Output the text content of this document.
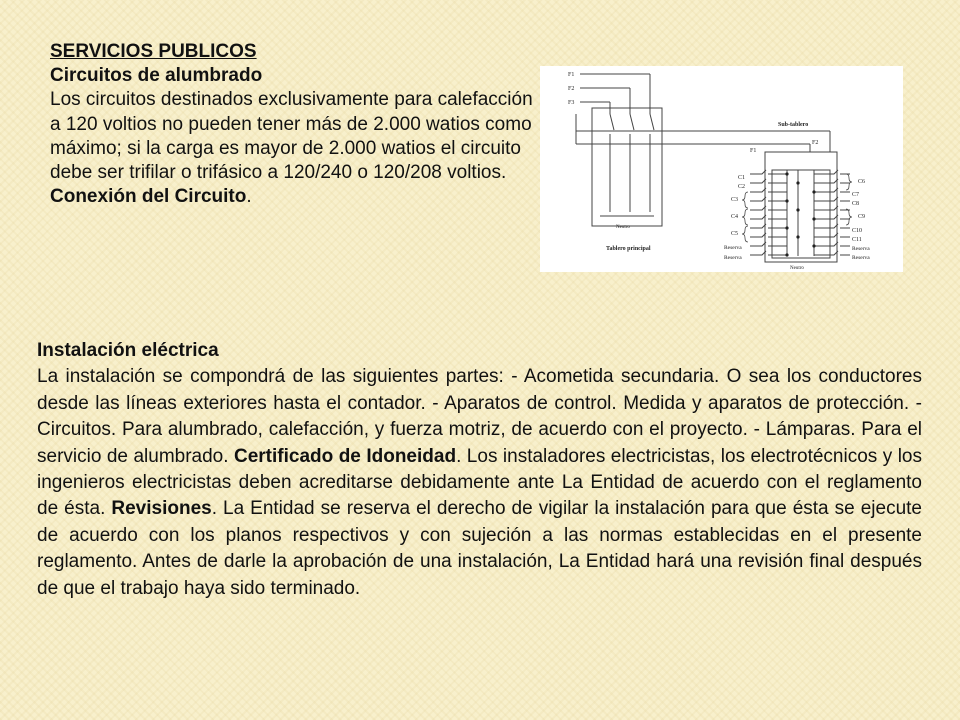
SERVICIOS PUBLICOS
Circuitos de alumbrado
Los circuitos destinados exclusivamente para calefacción a 120 voltios no pueden tener más de 2.000 watios como máximo; si la carga es mayor de 2.000 watios el circuito debe ser trifilar o trifásico a 120/240 o 120/208 voltios. Conexión del Circuito.
F1
F2
F3
Sub-tablero
F1
F2
Neutro
Tablero principal
Neutro
C1
C2
C3
C4
C5
Reserva
Reserva
C6
C7
C8
C9
C10
C11
Reserva
Reserva
Instalación eléctrica
La instalación se compondrá de las siguientes partes: - Acometida secundaria. O sea los conductores desde las líneas exteriores hasta el contador. - Aparatos de control. Medida y aparatos de protección. - Circuitos. Para alumbrado, calefacción, y fuerza motriz, de acuerdo con el proyecto. - Lámparas. Para el servicio de alumbrado. Certificado de Idoneidad. Los instaladores electricistas, los electrotécnicos y los ingenieros electricistas deben acreditarse debidamente ante La Entidad de acuerdo con el reglamento de ésta. Revisiones. La Entidad se reserva el derecho de vigilar la instalación para que ésta se ejecute de acuerdo con los planos respectivos y con sujeción a las normas establecidas en el presente reglamento. Antes de darle la aprobación de una instalación, La Entidad hará una revisión final después de que el trabajo haya sido terminado.
